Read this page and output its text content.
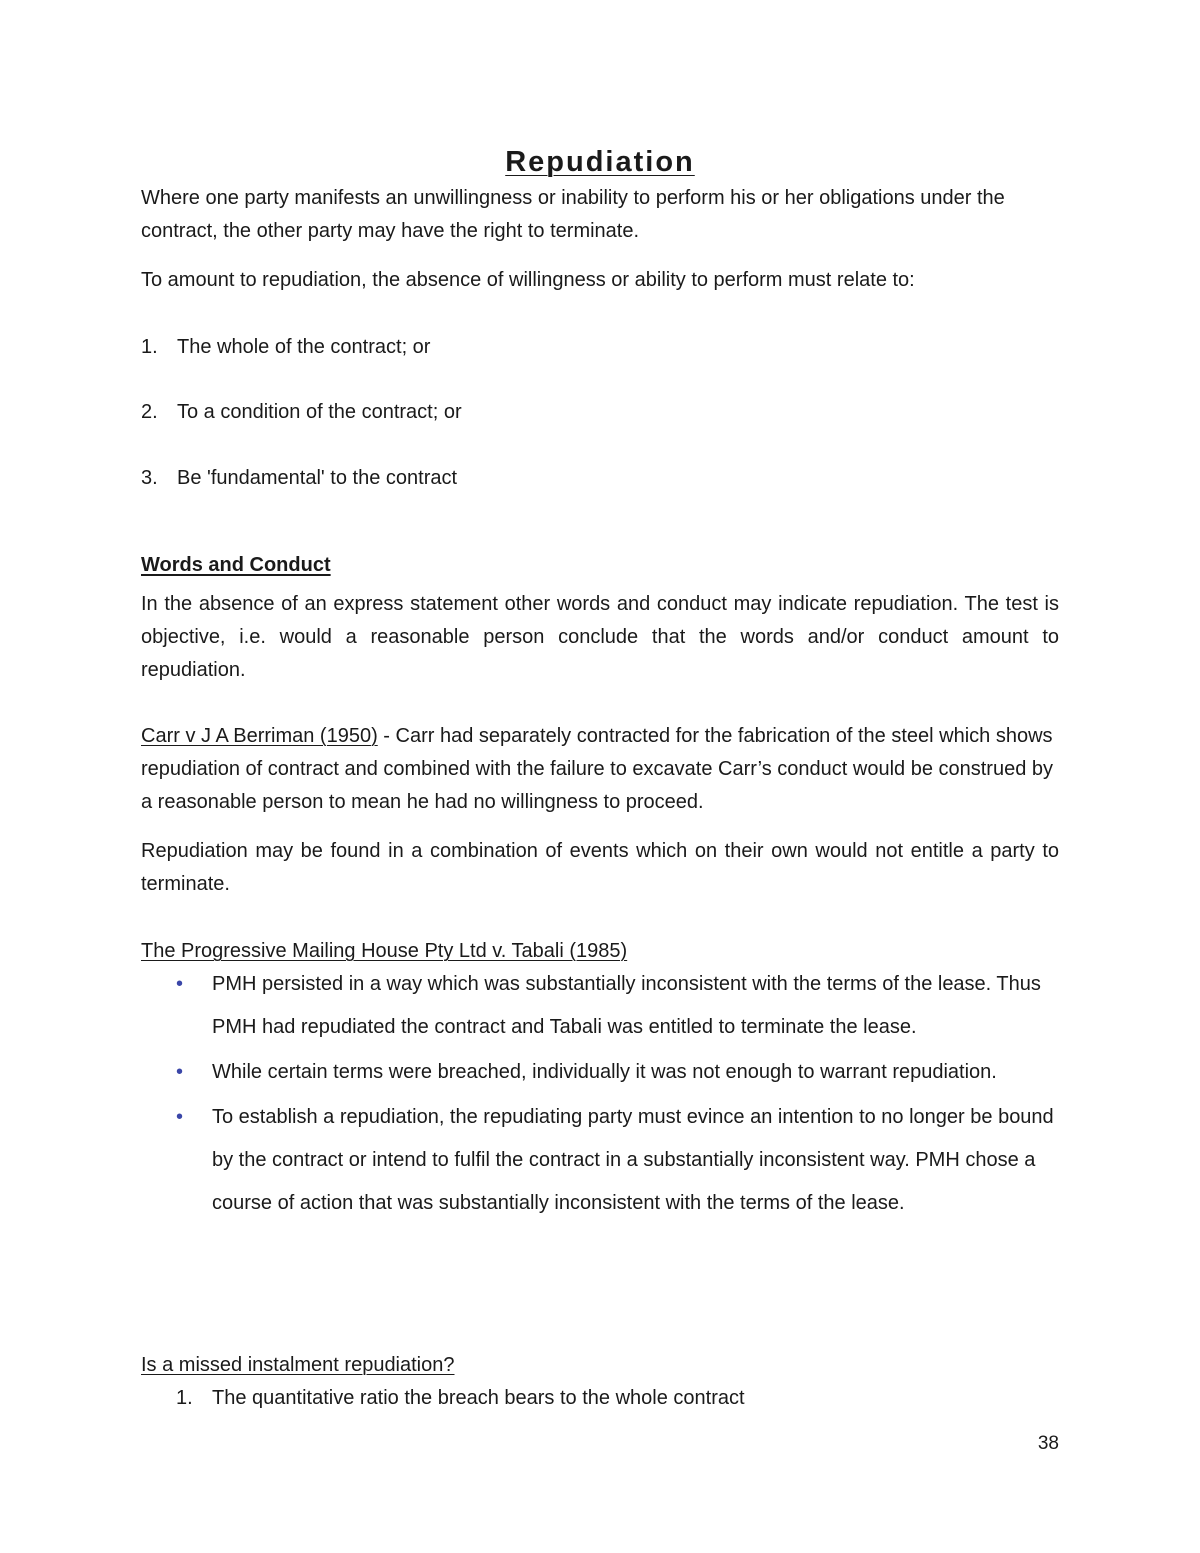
Repudiation

Where one party manifests an unwillingness or inability to perform his or her obligations under the contract, the other party may have the right to terminate.

To amount to repudiation, the absence of willingness or ability to perform must relate to:

1. The whole of the contract; or
2. To a condition of the contract; or
3. Be 'fundamental' to the contract
Words and Conduct

In the absence of an express statement other words and conduct may indicate repudiation. The test is objective, i.e. would a reasonable person conclude that the words and/or conduct amount to repudiation.

Carr v J A Berriman (1950) - Carr had separately contracted for the fabrication of the steel which shows repudiation of contract and combined with the failure to excavate Carr’s conduct would be construed by a reasonable person to mean he had no willingness to proceed.

Repudiation may be found in a combination of events which on their own would not entitle a party to terminate.

The Progressive Mailing House Pty Ltd v. Tabali (1985)
• PMH persisted in a way which was substantially inconsistent with the terms of the lease. Thus PMH had repudiated the contract and Tabali was entitled to terminate the lease.
• While certain terms were breached, individually it was not enough to warrant repudiation.
• To establish a repudiation, the repudiating party must evince an intention to no longer be bound by the contract or intend to fulfil the contract in a substantially inconsistent way. PMH chose a course of action that was substantially inconsistent with the terms of the lease.
Is a missed instalment repudiation?
1. The quantitative ratio the breach bears to the whole contract
38
